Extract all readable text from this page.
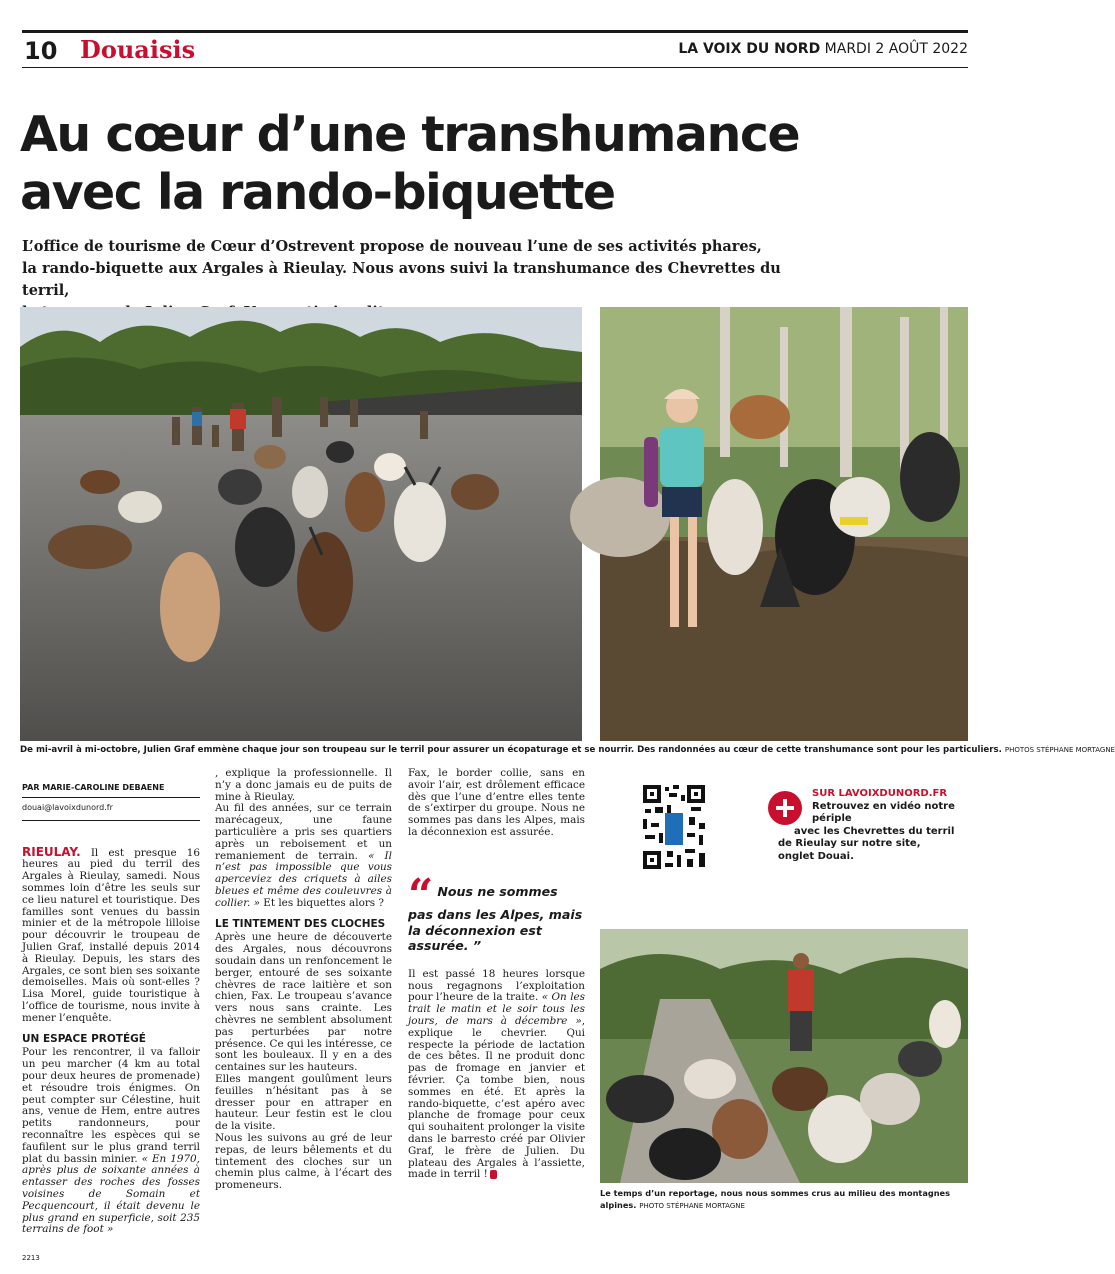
10 Douaisis	LA VOIX DU NORD MARDI 2 AOÛT 2022
Au cœur d’une transhumance
avec la rando-biquette
L’office de tourisme de Cœur d’Ostrevent propose de nouveau l’une de ses activités phares,
la rando-biquette aux Argales à Rieulay. Nous avons suivi la transhumance des Chevrettes du terril,
De mi-avril à mi-octobre, Julien Graf emmène chaque jour son troupeau sur le terril pour assurer un écopaturage et se nourrir. Des randonnées au cœur de cette transhumance sont pour les particuliers. PHOTOS STÉPHANE MORTAGNE
PAR MARIE-CAROLINE DEBAENE
douai@lavoixdunord.fr

RIEULAY. Il est presque 16 heures au pied du terril des Argales à Rieulay, samedi. Nous sommes loin d’être les seuls sur ce lieu naturel et touristique. Des familles sont venues du bassin minier et de la métropole lilloise pour découvrir le troupeau de Julien Graf, installé depuis 2014 à Rieulay. Depuis, les stars des Argales, ce sont bien ses soixante demoiselles. Mais où sont-elles ? Lisa Morel, guide touristique à l’office de tourisme, nous invite à mener l’enquête.

UN ESPACE PROTÉGÉ

Pour les rencontrer, il va falloir un peu marcher (4 km au total pour deux heures de promenade) et résoudre trois énigmes. On peut compter sur Célestine, huit ans, venue de Hem, entre autres petits randonneurs, pour reconnaître les espèces qui se faufilent sur le plus grand terril plat du bassin minier. « En 1970, après plus de soixante années à entasser des roches des fosses voisines de Somain et Pecquencourt, il était devenu le plus grand en superficie, soit 235 terrains de foot »

, explique la professionnelle. Il n’y a donc jamais eu de puits de mine à Rieulay.

Au fil des années, sur ce terrain marécageux, une faune particulière a pris ses quartiers après un reboisement et un remaniement de terrain. « Il n’est pas impossible que vous aperceviez des criquets à ailes bleues et même des couleuvres à collier. » Et les biquettes alors ?

LE TINTEMENT DES CLOCHES

Après une heure de découverte des Argales, nous découvrons soudain dans un renfoncement le berger, entouré de ses soixante chèvres de race laitière et son chien, Fax. Le troupeau s’avance vers nous sans crainte. Les chèvres ne semblent absolument pas perturbées par notre présence. Ce qui les intéresse, ce sont les bouleaux. Il y en a des centaines sur les hauteurs.

Elles mangent goulûment leurs feuilles n’hésitant pas à se dresser pour en attraper en hauteur. Leur festin est le clou de la visite.

Nous les suivons au gré de leur repas, de leurs bêlements et du tintement des cloches sur un chemin plus calme, à l’écart des promeneurs.

Fax, le border collie, sans en avoir l’air, est drôlement efficace dès que l’une d’entre elles tente de s’extirper du groupe. Nous ne sommes pas dans les Alpes, mais la déconnexion est assurée.

Il est passé 18 heures lorsque nous regagnons l’exploitation pour l’heure de la traite. « On les trait le matin et le soir tous les jours, de mars à décembre », explique le chevrier. Qui respecte la période de lactation de ces bêtes. Il ne produit donc pas de fromage en janvier et février. Ça tombe bien, nous sommes en été. Et après la rando-biquette, c’est apéro avec planche de fromage pour ceux qui souhaitent prolonger la visite dans le barresto créé par Olivier Graf, le frère de Julien. Du plateau des Argales à l’assiette, made in terril !

“ Nous ne sommes pas dans les Alpes, mais la déconnexion est assurée. ”
SUR LAVOIXDUNORD.FR
Retrouvez en vidéo notre
périple
avec les Chevrettes du terril
de Rieulay sur notre site,
onglet Douai.
Le temps d’un reportage, nous nous sommes crus au milieu des montagnes alpines. PHOTO STÉPHANE MORTAGNE
2213
